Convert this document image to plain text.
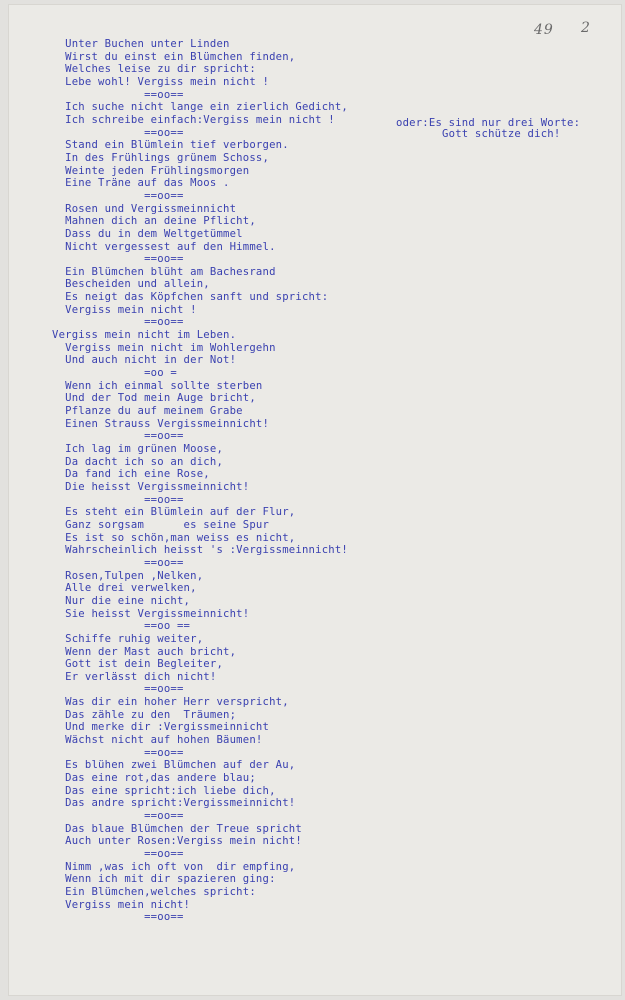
49 2
Unter Buchen unter Linden
Wirst du einst ein Blümchen finden,
Welches leise zu dir spricht:
Lebe wohl! Vergiss mein nicht !
==oo==
Ich suche nicht lange ein zierlich Gedicht,
Ich schreibe einfach:Vergiss mein nicht !
==oo==
Stand ein Blümlein tief verborgen.
In des Frühlings grünem Schoss,
Weinte jeden Frühlingsmorgen
Eine Träne auf das Moos .
==oo==
Rosen und Vergissmeinnicht
Mahnen dich an deine Pflicht,
Dass du in dem Weltgetümmel
Nicht vergessest auf den Himmel.
==oo==
Ein Blümchen blüht am Bachesrand
Bescheiden und allein,
Es neigt das Köpfchen sanft und spricht:
Vergiss mein nicht !
==oo==
Vergiss mein nicht im Leben.
Vergiss mein nicht im Wohlergehn
Und auch nicht in der Not!
=oo =
Wenn ich einmal sollte sterben
Und der Tod mein Auge bricht,
Pflanze du auf meinem Grabe
Einen Strauss Vergissmeinnicht!
==oo==
Ich lag im grünen Moose,
Da dacht ich so an dich,
Da fand ich eine Rose,
Die heisst Vergissmeinnicht!
==oo==
Es steht ein Blümlein auf der Flur,
Ganz sorgsam      es seine Spur
Es ist so schön,man weiss es nicht,
Wahrscheinlich heisst 's :Vergissmeinnicht!
==oo==
Rosen,Tulpen ,Nelken,
Alle drei verwelken,
Nur die eine nicht,
Sie heisst Vergissmeinnicht!
==oo ==
Schiffe ruhig weiter,
Wenn der Mast auch bricht,
Gott ist dein Begleiter,
Er verlässt dich nicht!
==oo==
Was dir ein hoher Herr verspricht,
Das zähle zu den  Träumen;
Und merke dir :Vergissmeinnicht
Wächst nicht auf hohen Bäumen!
==oo==
Es blühen zwei Blümchen auf der Au,
Das eine rot,das andere blau;
Das eine spricht:ich liebe dich,
Das andre spricht:Vergissmeinnicht!
==oo==
Das blaue Blümchen der Treue spricht
Auch unter Rosen:Vergiss mein nicht!
==oo==
Nimm ,was ich oft von  dir empfing,
Wenn ich mit dir spazieren ging:
Ein Blümchen,welches spricht:
Vergiss mein nicht!
==oo==
oder:Es sind nur drei Worte:
Gott schütze dich!
